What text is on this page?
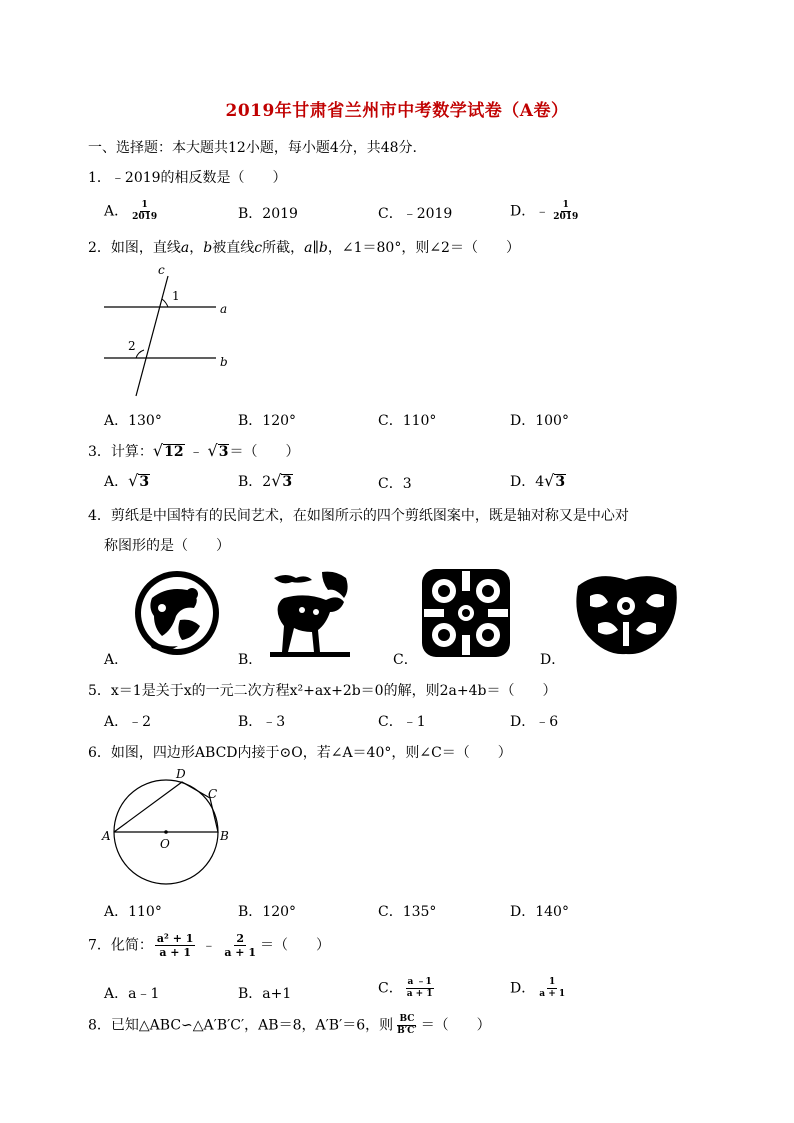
2019年甘肃省兰州市中考数学试卷（A卷）
一、选择题：本大题共12小题，每小题4分，共48分.
1．﹣2019的相反数是（　　）
A． $\frac{1}{2019}$	B．2019	C．﹣2019	D．﹣ $\frac{1}{2019}$
2．如图，直线a，b被直线c所截，a∥b，∠1＝80°，则∠2＝（　　）
c
1
a
2
b
A．130°	B．120°	C．110°	D．100°
3．计算：√12 ﹣ √3＝（　　）
A．√3	B．2√3	C．3	D．4√3
4．剪纸是中国特有的民间艺术，在如图所示的四个剪纸图案中，既是轴对称又是中心对
称图形的是（　　）
A．	B．	C．	D．
5．x＝1是关于x的一元二次方程x²+ax+2b＝0的解，则2a+4b＝（　　）
A．﹣2	B．﹣3	C．﹣1	D．﹣6
6．如图，四边形ABCD内接于⊙O，若∠A＝40°，则∠C＝（　　）
A	B
C
D
O
A．110°	B．120°	C．135°	D．140°
7．化简： $\frac{\text{a² + 1}}{a + 1}$ ﹣ $\frac{2}{a + 1}$ ＝（　　）
A．a﹣1	B．a+1	C． $\frac{a ﹣1}{a + 1}$	D． $\frac{1}{a + 1}$
8．已知△ABC∽△A′B′C′，AB＝8，A′B′＝6，则 $\frac{BC}{B'C'}$ ＝（　　）
